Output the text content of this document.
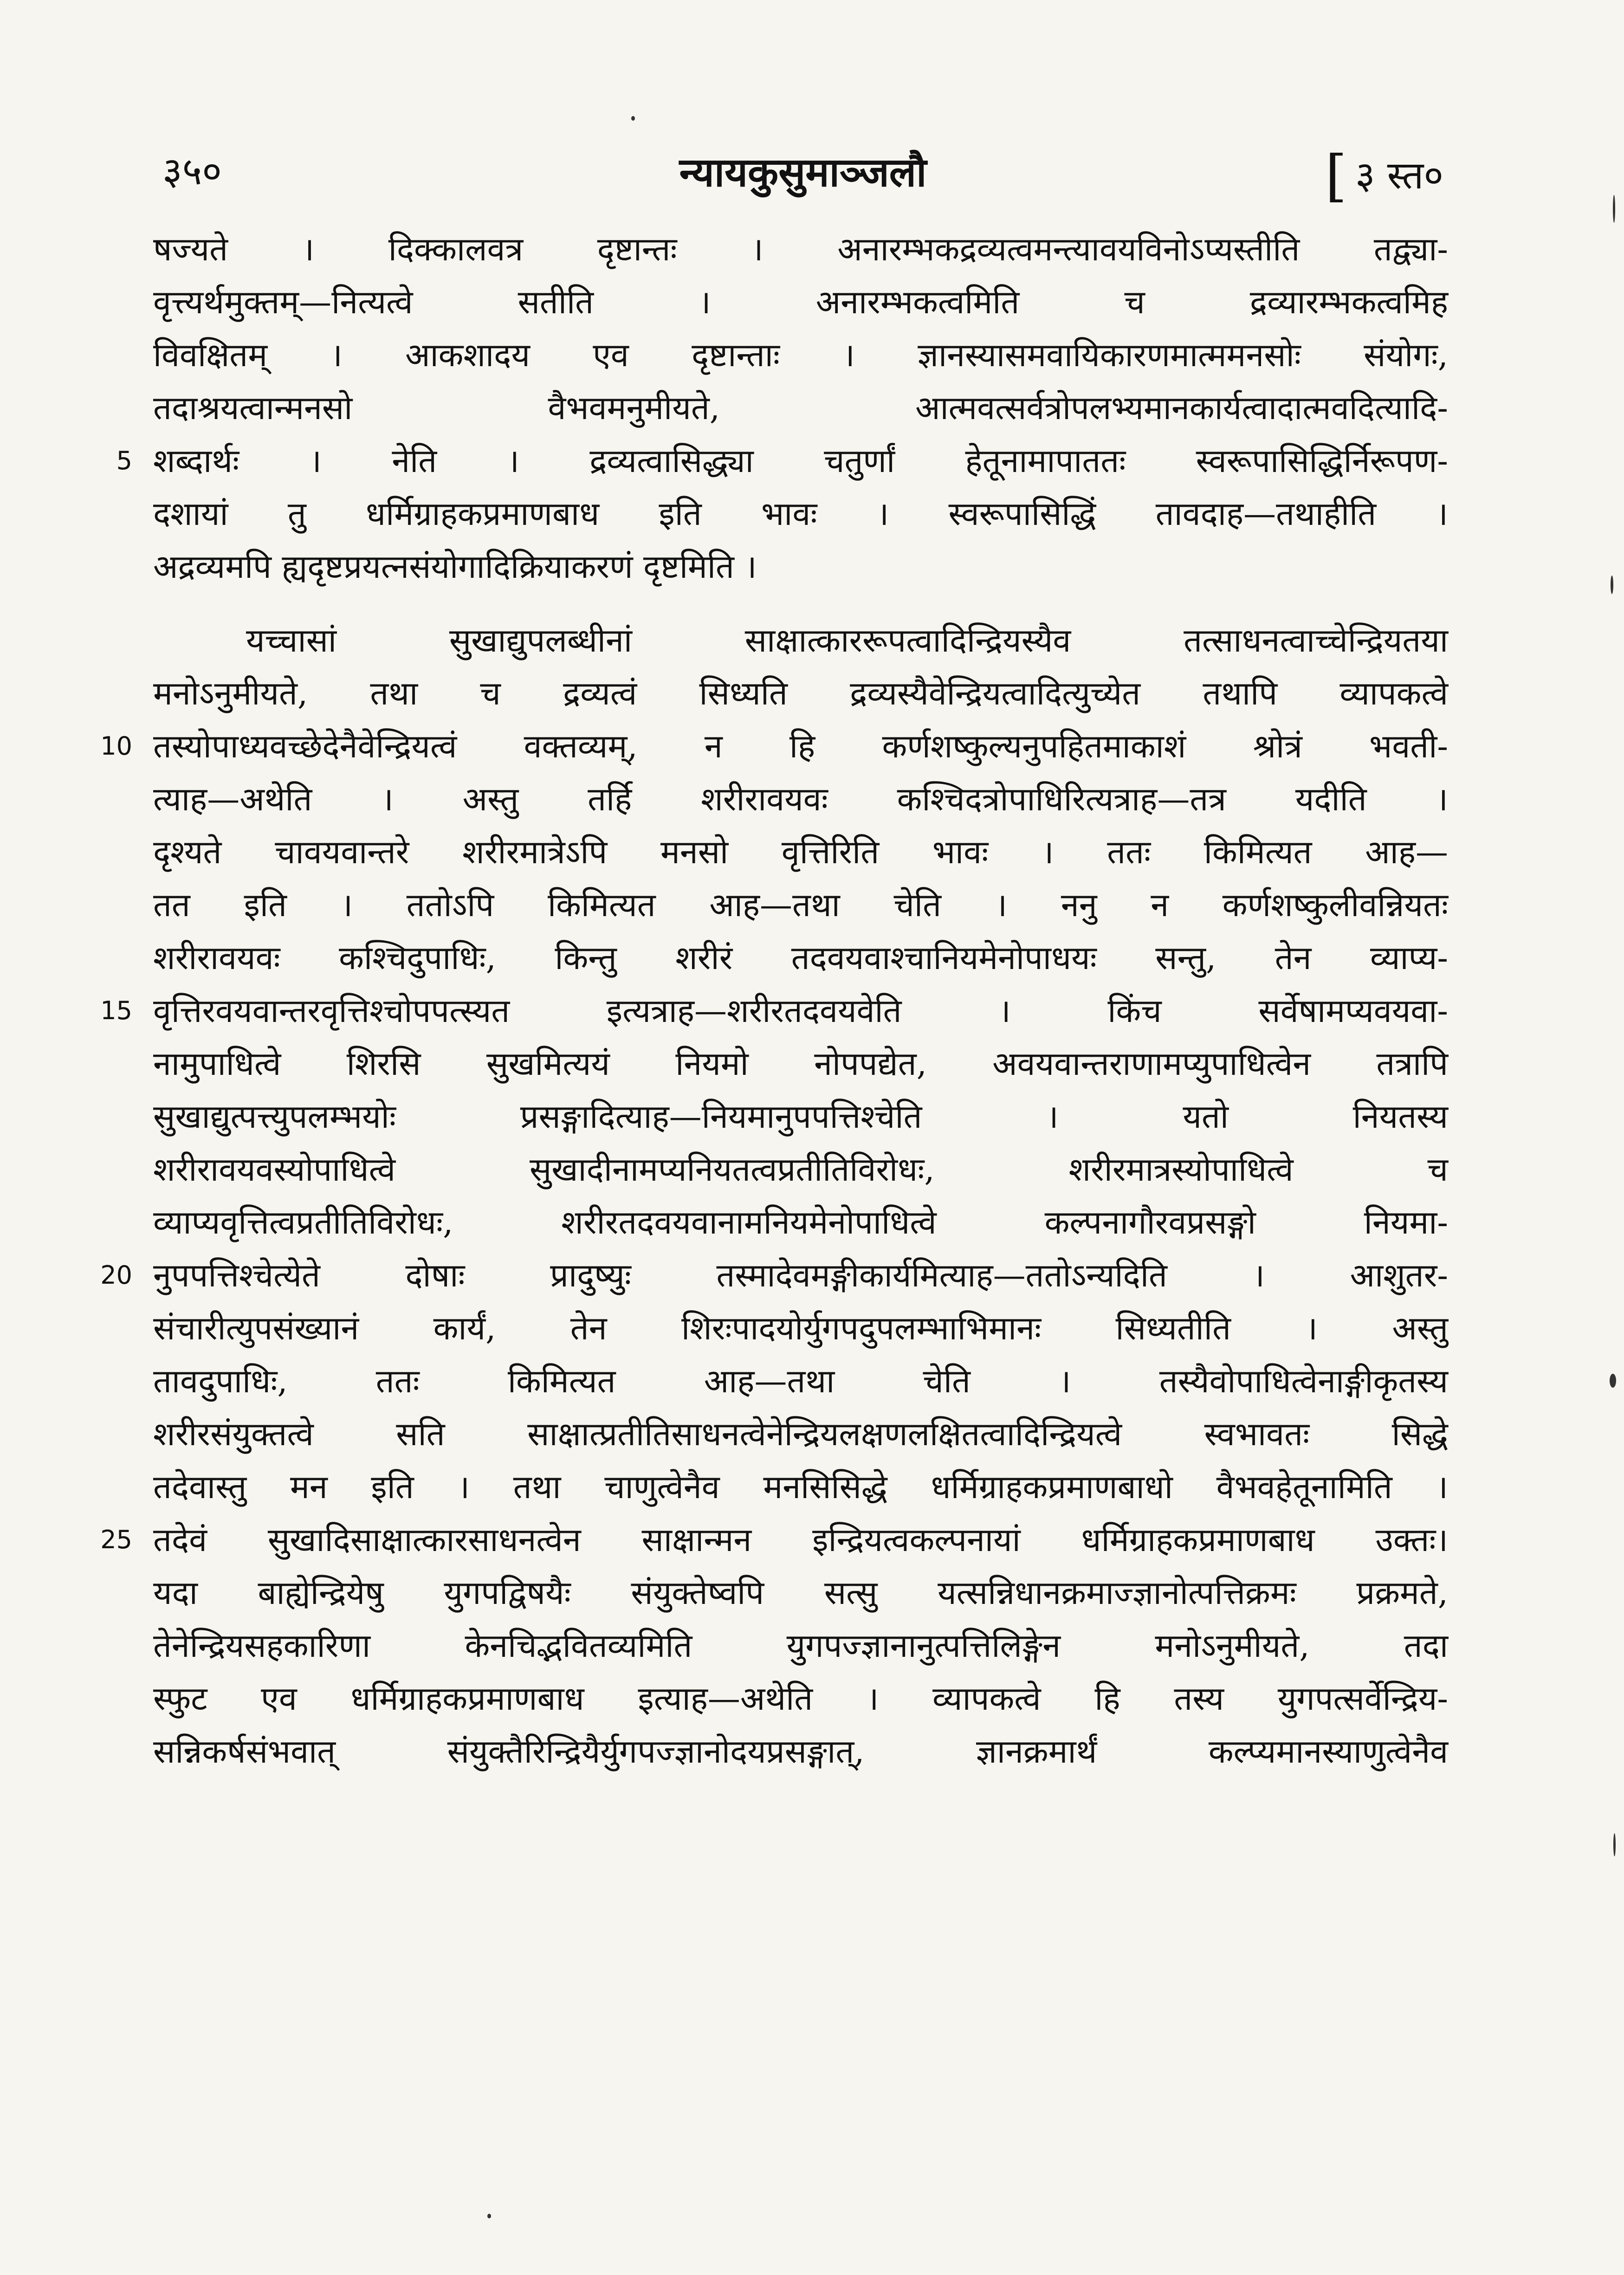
३५०	न्यायकुसुमाञ्जलौ	[ ३ स्त०
षज्यते । दिक्कालवत्र दृष्टान्तः । अनारम्भकद्रव्यत्वमन्त्यावयविनोऽप्यस्तीति तद्व्या-
वृत्त्यर्थमुक्तम्—नित्यत्वे सतीति । अनारम्भकत्वमिति च द्रव्यारम्भकत्वमिह
विवक्षितम् । आकशादय एव दृष्टान्ताः । ज्ञानस्यासमवायिकारणमात्ममनसोः संयोगः,
तदाश्रयत्वान्मनसो वैभवमनुमीयते, आत्मवत्सर्वत्रोपलभ्यमानकार्यत्वादात्मवदित्यादि-
5 शब्दार्थः । नेति । द्रव्यत्वासिद्ध्या चतुर्णां हेतूनामापाततः स्वरूपासिद्धिर्निरूपण-
दशायां तु धर्मिग्राहकप्रमाणबाध इति भावः । स्वरूपासिद्धिं तावदाह—तथाहीति ।
अद्रव्यमपि ह्यदृष्टप्रयत्नसंयोगादिक्रियाकरणं दृष्टमिति ।
यच्चासां सुखाद्युपलब्धीनां साक्षात्काररूपत्वादिन्द्रियस्यैव तत्साधनत्वाच्चेन्द्रियतया
मनोऽनुमीयते, तथा च द्रव्यत्वं सिध्यति द्रव्यस्यैवेन्द्रियत्वादित्युच्येत तथापि व्यापकत्वे
10 तस्योपाध्यवच्छेदेनैवेन्द्रियत्वं वक्तव्यम्, न हि कर्णशष्कुल्यनुपहितमाकाशं श्रोत्रं भवती-
त्याह—अथेति । अस्तु तर्हि शरीरावयवः कश्चिदत्रोपाधिरित्यत्राह—तत्र यदीति ।
दृश्यते चावयवान्तरे शरीरमात्रेऽपि मनसो वृत्तिरिति भावः । ततः किमित्यत आह—
तत इति । ततोऽपि किमित्यत आह—तथा चेति । ननु न कर्णशष्कुलीवन्नियतः
शरीरावयवः कश्चिदुपाधिः, किन्तु शरीरं तदवयवाश्चानियमेनोपाधयः सन्तु, तेन व्याप्य-
15 वृत्तिरवयवान्तरवृत्तिश्चोपपत्स्यत इत्यत्राह—शरीरतदवयवेति । किंच सर्वेषामप्यवयवा-
नामुपाधित्वे शिरसि सुखमित्ययं नियमो नोपपद्येत, अवयवान्तराणामप्युपाधित्वेन तत्रापि
सुखाद्युत्पत्त्युपलम्भयोः प्रसङ्गादित्याह—नियमानुपपत्तिश्चेति । यतो नियतस्य
शरीरावयवस्योपाधित्वे सुखादीनामप्यनियतत्वप्रतीतिविरोधः, शरीरमात्रस्योपाधित्वे च
व्याप्यवृत्तित्वप्रतीतिविरोधः, शरीरतदवयवानामनियमेनोपाधित्वे कल्पनागौरवप्रसङ्गो नियमा-
20 नुपपत्तिश्चेत्येते दोषाः प्रादुष्युः तस्मादेवमङ्गीकार्यमित्याह—ततोऽन्यदिति । आशुतर-
संचारीत्युपसंख्यानं कार्यं, तेन शिरःपादयोर्युगपदुपलम्भाभिमानः सिध्यतीति । अस्तु
तावदुपाधिः, ततः किमित्यत आह—तथा चेति । तस्यैवोपाधित्वेनाङ्गीकृतस्य
शरीरसंयुक्तत्वे सति साक्षात्प्रतीतिसाधनत्वेनेन्द्रियलक्षणलक्षितत्वादिन्द्रियत्वे स्वभावतः सिद्धे
तदेवास्तु मन इति । तथा चाणुत्वेनैव मनसिसिद्धे धर्मिग्राहकप्रमाणबाधो वैभवहेतूनामिति ।
25 तदेवं सुखादिसाक्षात्कारसाधनत्वेन साक्षान्मन इन्द्रियत्वकल्पनायां धर्मिग्राहकप्रमाणबाध उक्तः।
यदा बाह्येन्द्रियेषु युगपद्विषयैः संयुक्तेष्वपि सत्सु यत्सन्निधानक्रमाज्ज्ञानोत्पत्तिक्रमः प्रक्रमते,
तेनेन्द्रियसहकारिणा केनचिद्भवितव्यमिति युगपज्ज्ञानानुत्पत्तिलिङ्गेन मनोऽनुमीयते, तदा
स्फुट एव धर्मिग्राहकप्रमाणबाध इत्याह—अथेति । व्यापकत्वे हि तस्य युगपत्सर्वेन्द्रिय-
सन्निकर्षसंभवात् संयुक्तैरिन्द्रियैर्युगपज्ज्ञानोदयप्रसङ्गात्, ज्ञानक्रमार्थं कल्प्यमानस्याणुत्वेनैव
